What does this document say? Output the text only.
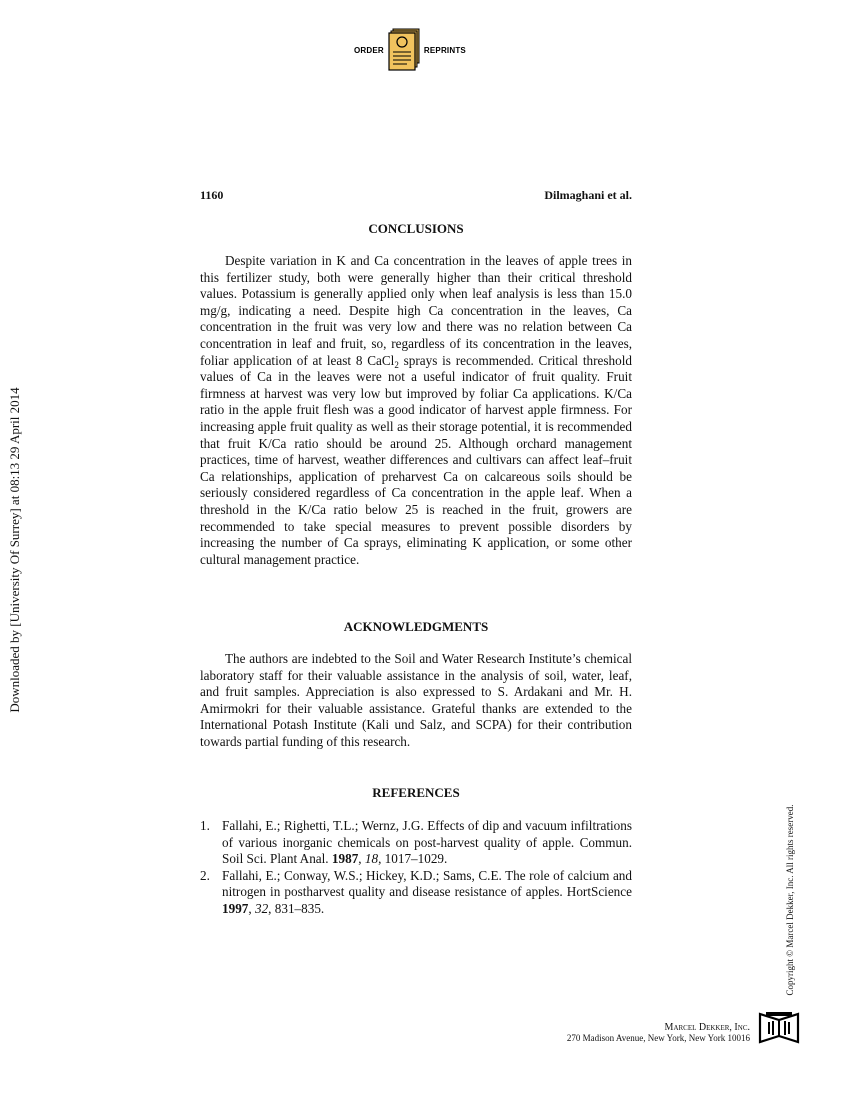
ORDER	REPRINTS
1160	Dilmaghani et al.

CONCLUSIONS

Despite variation in K and Ca concentration in the leaves of apple trees in this fertilizer study, both were generally higher than their critical threshold values. Potassium is generally applied only when leaf analysis is less than 15.0 mg/g, indicating a need. Despite high Ca concentration in the leaves, Ca concentration in the fruit was very low and there was no relation between Ca concentration in leaf and fruit, so, regardless of its concentration in the leaves, foliar application of at least 8 CaCl$_2$ sprays is recommended. Critical threshold values of Ca in the leaves were not a useful indicator of fruit quality. Fruit firmness at harvest was very low but improved by foliar Ca applications. K/Ca ratio in the apple fruit flesh was a good indicator of harvest apple firmness. For increasing apple fruit quality as well as their storage potential, it is recommended that fruit K/Ca ratio should be around 25. Although orchard management practices, time of harvest, weather differences and cultivars can affect leaf–fruit Ca relationships, application of preharvest Ca on calcareous soils should be seriously considered regardless of Ca concentration in the apple leaf. When a threshold in the K/Ca ratio below 25 is reached in the fruit, growers are recommended to take special measures to prevent possible disorders by increasing the number of Ca sprays, eliminating K application, or some other cultural management practice.

ACKNOWLEDGMENTS

The authors are indebted to the Soil and Water Research Institute’s chemical laboratory staff for their valuable assistance in the analysis of soil, water, leaf, and fruit samples. Appreciation is also expressed to S. Ardakani and Mr. H. Amirmokri for their valuable assistance. Grateful thanks are extended to the International Potash Institute (Kali und Salz, and SCPA) for their contribution towards partial funding of this research.

REFERENCES

1. Fallahi, E.; Righetti, T.L.; Wernz, J.G. Effects of dip and vacuum infiltrations of various inorganic chemicals on post-harvest quality of apple. Commun. Soil Sci. Plant Anal. 1987, 18, 1017–1029.
2. Fallahi, E.; Conway, W.S.; Hickey, K.D.; Sams, C.E. The role of calcium and nitrogen in postharvest quality and disease resistance of apples. HortScience 1997, 32, 831–835.
Downloaded by [University Of Surrey] at 08:13 29 April 2014
Copyright © Marcel Dekker, Inc. All rights reserved.
Marcel Dekker, Inc.
270 Madison Avenue, New York, New York 10016
